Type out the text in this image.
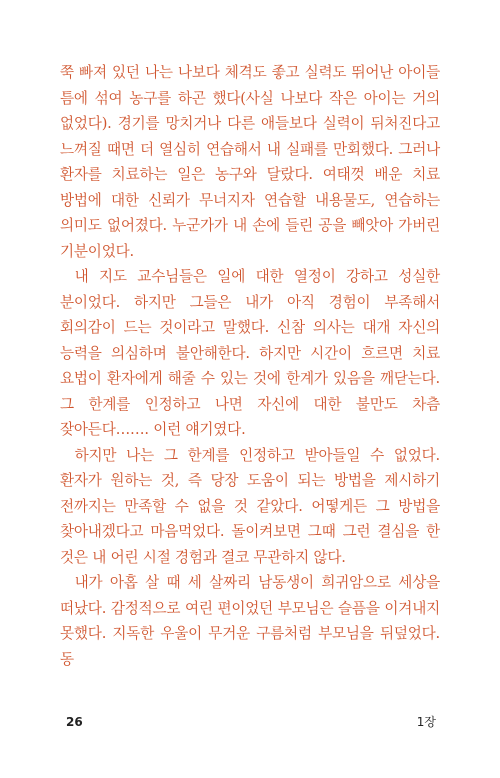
쭉 빠져 있던 나는 나보다 체격도 좋고 실력도 뛰어난 아이들 틈에 섞여 농구를 하곤 했다(사실 나보다 작은 아이는 거의 없었다). 경기를 망치거나 다른 애들보다 실력이 뒤처진다고 느껴질 때면 더 열심히 연습해서 내 실패를 만회했다. 그러나 환자를 치료하는 일은 농구와 달랐다. 여태껏 배운 치료 방법에 대한 신뢰가 무너지자 연습할 내용물도, 연습하는 의미도 없어졌다. 누군가가 내 손에 들린 공을 빼앗아 가버린 기분이었다.

내 지도 교수님들은 일에 대한 열정이 강하고 성실한 분이었다. 하지만 그들은 내가 아직 경험이 부족해서 회의감이 드는 것이라고 말했다. 신참 의사는 대개 자신의 능력을 의심하며 불안해한다. 하지만 시간이 흐르면 치료 요법이 환자에게 해줄 수 있는 것에 한계가 있음을 깨닫는다. 그 한계를 인정하고 나면 자신에 대한 불만도 차츰 잦아든다……. 이런 얘기였다.

하지만 나는 그 한계를 인정하고 받아들일 수 없었다. 환자가 원하는 것, 즉 당장 도움이 되는 방법을 제시하기 전까지는 만족할 수 없을 것 같았다. 어떻게든 그 방법을 찾아내겠다고 마음먹었다. 돌이켜보면 그때 그런 결심을 한 것은 내 어린 시절 경험과 결코 무관하지 않다.

내가 아홉 살 때 세 살짜리 남동생이 희귀암으로 세상을 떠났다. 감정적으로 여린 편이었던 부모님은 슬픔을 이겨내지 못했다. 지독한 우울이 무거운 구름처럼 부모님을 뒤덮었다. 동

26	1장
